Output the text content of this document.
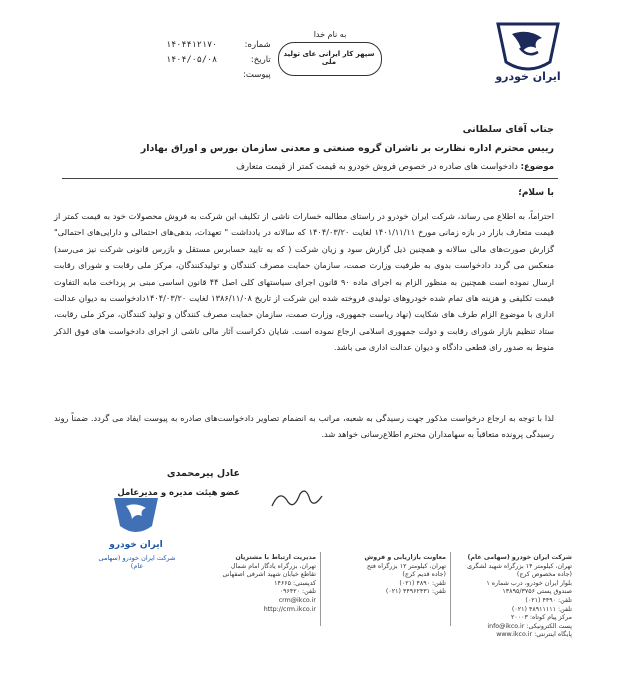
ایران خودرو
به نام خدا
سپهر کار ایرانی عای تولید ملی
شماره: ۱۴۰۴۴۱۲۱۷۰
تاریخ: ۱۴۰۴/۰۵/۰۸
پیوست:
جناب آقای سلطانی
رییس محترم اداره نظارت بر ناشران گروه صنعتی و معدنی سازمان بورس و اوراق بهادار
موضوع: دادخواست های صادره در خصوص فروش خودرو به قیمت کمتر از قیمت متعارف
با سلام؛
احتراماً، به اطلاع می رساند، شرکت ایران خودرو در راستای مطالبه خسارات ناشی از تکلیف این شرکت به فروش محصولات خود به قیمت کمتر از قیمت متعارف بازار در بازه زمانی مورخ ۱۴۰۱/۱۱/۱۱ لغایت ۱۴۰۴/۰۳/۲۰ که سالانه در یادداشت " تعهدات، بدهی‌های احتمالی و دارایی‌های احتمالی" گزارش صورت‌های مالی سالانه و همچنین ذیل گزارش سود و زیان شرکت ( که به تایید حسابرس مستقل و بازرس قانونی شرکت نیز می‌رسد) منعکس می گردد دادخواست بدوی به طرفیت وزارت صمت، سازمان حمایت مصرف کنندگان و تولیدکنندگان، مرکز ملی رقابت و شورای رقابت ارسال نموده است همچنین به منظور الزام به اجرای ماده ۹۰ قانون اجرای سیاستهای کلی اصل ۴۴ قانون اساسی مبنی بر پرداخت مابه التفاوت قیمت تکلیفی و هزینه های تمام شده خودروهای تولیدی فروخته شده این شرکت از تاریخ ۱۳۸۶/۱۱/۰۸ لغایت ۱۴۰۴/۰۳/۲۰دادخواست به دیوان عدالت اداری با موضوع الزام طرف های شکایت (نهاد ریاست جمهوری، وزارت صمت، سازمان حمایت مصرف کنندگان و تولید کنندگان، مرکز ملی رقابت، ستاد تنظیم بازار شورای رقابت و دولت جمهوری اسلامی ارجاع نموده است. شایان ذکراست آثار مالی ناشی از اجرای دادخواست های فوق الذکر منوط به صدور رای قطعی دادگاه و دیوان عدالت اداری می باشد.
لذا با توجه به ارجاع درخواست مذکور جهت رسیدگی به شعبه، مراتب به انضمام تصاویر دادخواست‌های صادره به پیوست ایفاد می گردد. ضمناً روند رسیدگی پرونده متعاقباً به سهامداران محترم اطلاع‌رسانی خواهد شد.
عادل پیرمحمدی
عضو هیئت مدیره و مدیرعامل
ایران خودرو
شرکت ایران خودرو (سهامی عام)
شرکت ایران خودرو (سهامی عام)
تهران، کیلومتر ۱۴ بزرگراه شهید لشگری
(جاده مخصوص کرج)
بلوار ایران خودرو، درب شماره ۱
صندوق پستی ۱۳۸۹۵/۳۷۵۶
تلفن: ۴۴۹۰ (۰۲۱)
تلفن: ۴۸۹۱۱۱۱۱ (۰۲۱)
مرکز پیام کوتاه: ۲۰۰۰۳
پست الکترونیکی: info@ikco.ir
پایگاه اینترنتی: www.ikco.ir
معاونت بازاریابی و فروش
تهران، کیلومتر ۱۲ بزرگراه فتح
(جاده قدیم کرج)
تلفن: ۴۸۹۰ (۰۲۱)
تلفن: ۴۴۹۶۲۴۳۱ (۰۲۱)
مدیریت ارتباط با مشتریان
تهران، بزرگراه یادگار امام شمال
تقاطع خیابان شهید اشرفی اصفهانی
کدپستی: ۱۴۶۶۵
تلفن: ۰۹۶۴۲۰
crm@ikco.ir
http://crm.ikco.ir
